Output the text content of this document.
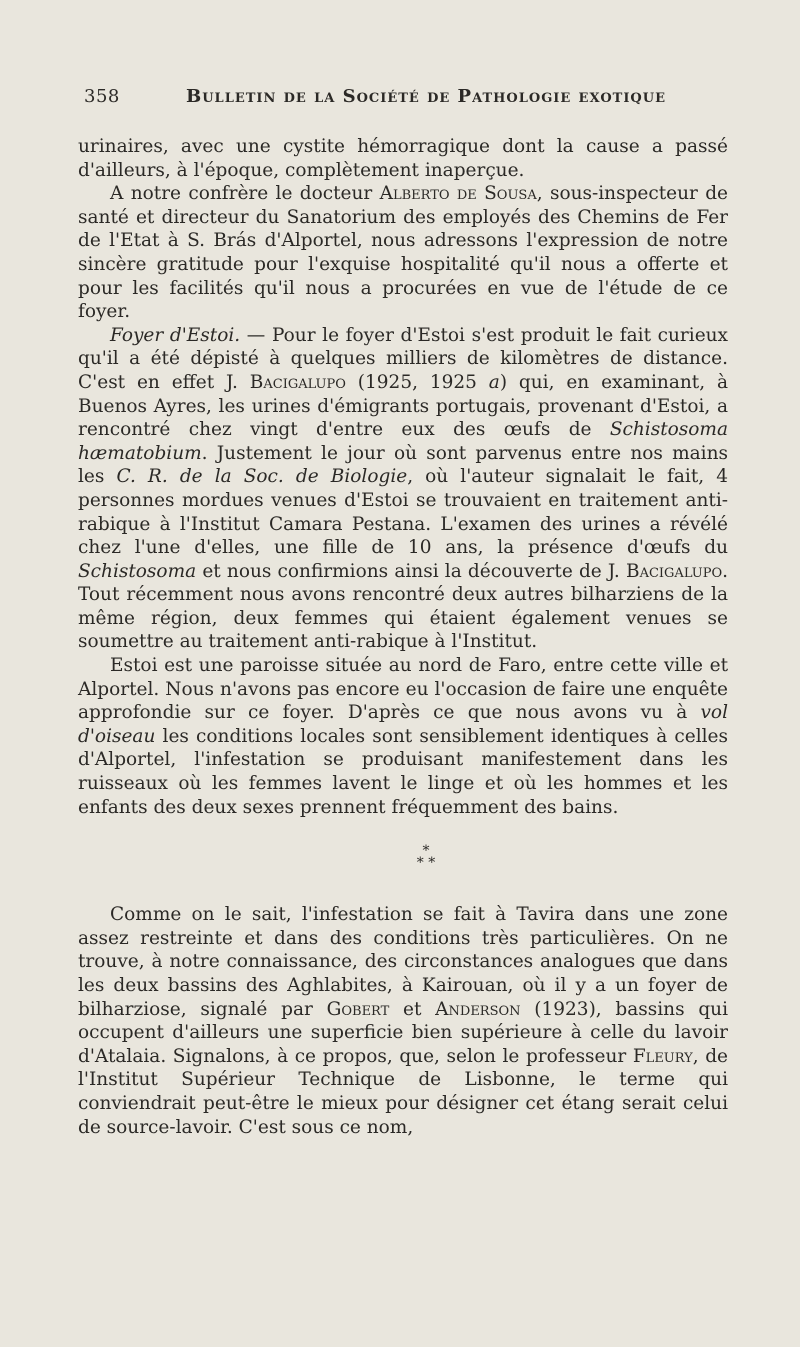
358	Bulletin de la Société de Pathologie exotique

urinaires, avec une cystite hémorragique dont la cause a passé d'ailleurs, à l'époque, complètement inaperçue.

A notre confrère le docteur Alberto de Sousa, sous-inspecteur de santé et directeur du Sanatorium des employés des Chemins de Fer de l'Etat à S. Brás d'Alportel, nous adressons l'expression de notre sincère gratitude pour l'exquise hospitalité qu'il nous a offerte et pour les facilités qu'il nous a procurées en vue de l'étude de ce foyer.

Foyer d'Estoi. — Pour le foyer d'Estoi s'est produit le fait curieux qu'il a été dépisté à quelques milliers de kilomètres de distance. C'est en effet J. Bacigalupo (1925, 1925 a) qui, en examinant, à Buenos Ayres, les urines d'émigrants portugais, provenant d'Estoi, a rencontré chez vingt d'entre eux des œufs de Schistosoma hæmatobium. Justement le jour où sont parvenus entre nos mains les C. R. de la Soc. de Biologie, où l'auteur signalait le fait, 4 personnes mordues venues d'Estoi se trouvaient en traitement anti-rabique à l'Institut Camara Pestana. L'examen des urines a révélé chez l'une d'elles, une fille de 10 ans, la présence d'œufs du Schistosoma et nous confirmions ainsi la découverte de J. Bacigalupo. Tout récemment nous avons rencontré deux autres bilharziens de la même région, deux femmes qui étaient également venues se soumettre au traitement anti-rabique à l'Institut.

Estoi est une paroisse située au nord de Faro, entre cette ville et Alportel. Nous n'avons pas encore eu l'occasion de faire une enquête approfondie sur ce foyer. D'après ce que nous avons vu à vol d'oiseau les conditions locales sont sensiblement identiques à celles d'Alportel, l'infestation se produisant manifestement dans les ruisseaux où les femmes lavent le linge et où les hommes et les enfants des deux sexes prennent fréquemment des bains.

*
* *

Comme on le sait, l'infestation se fait à Tavira dans une zone assez restreinte et dans des conditions très particulières. On ne trouve, à notre connaissance, des circonstances analogues que dans les deux bassins des Aghlabites, à Kairouan, où il y a un foyer de bilharziose, signalé par Gobert et Anderson (1923), bassins qui occupent d'ailleurs une superficie bien supérieure à celle du lavoir d'Atalaia. Signalons, à ce propos, que, selon le professeur Fleury, de l'Institut Supérieur Technique de Lisbonne, le terme qui conviendrait peut-être le mieux pour désigner cet étang serait celui de source-lavoir. C'est sous ce nom,
